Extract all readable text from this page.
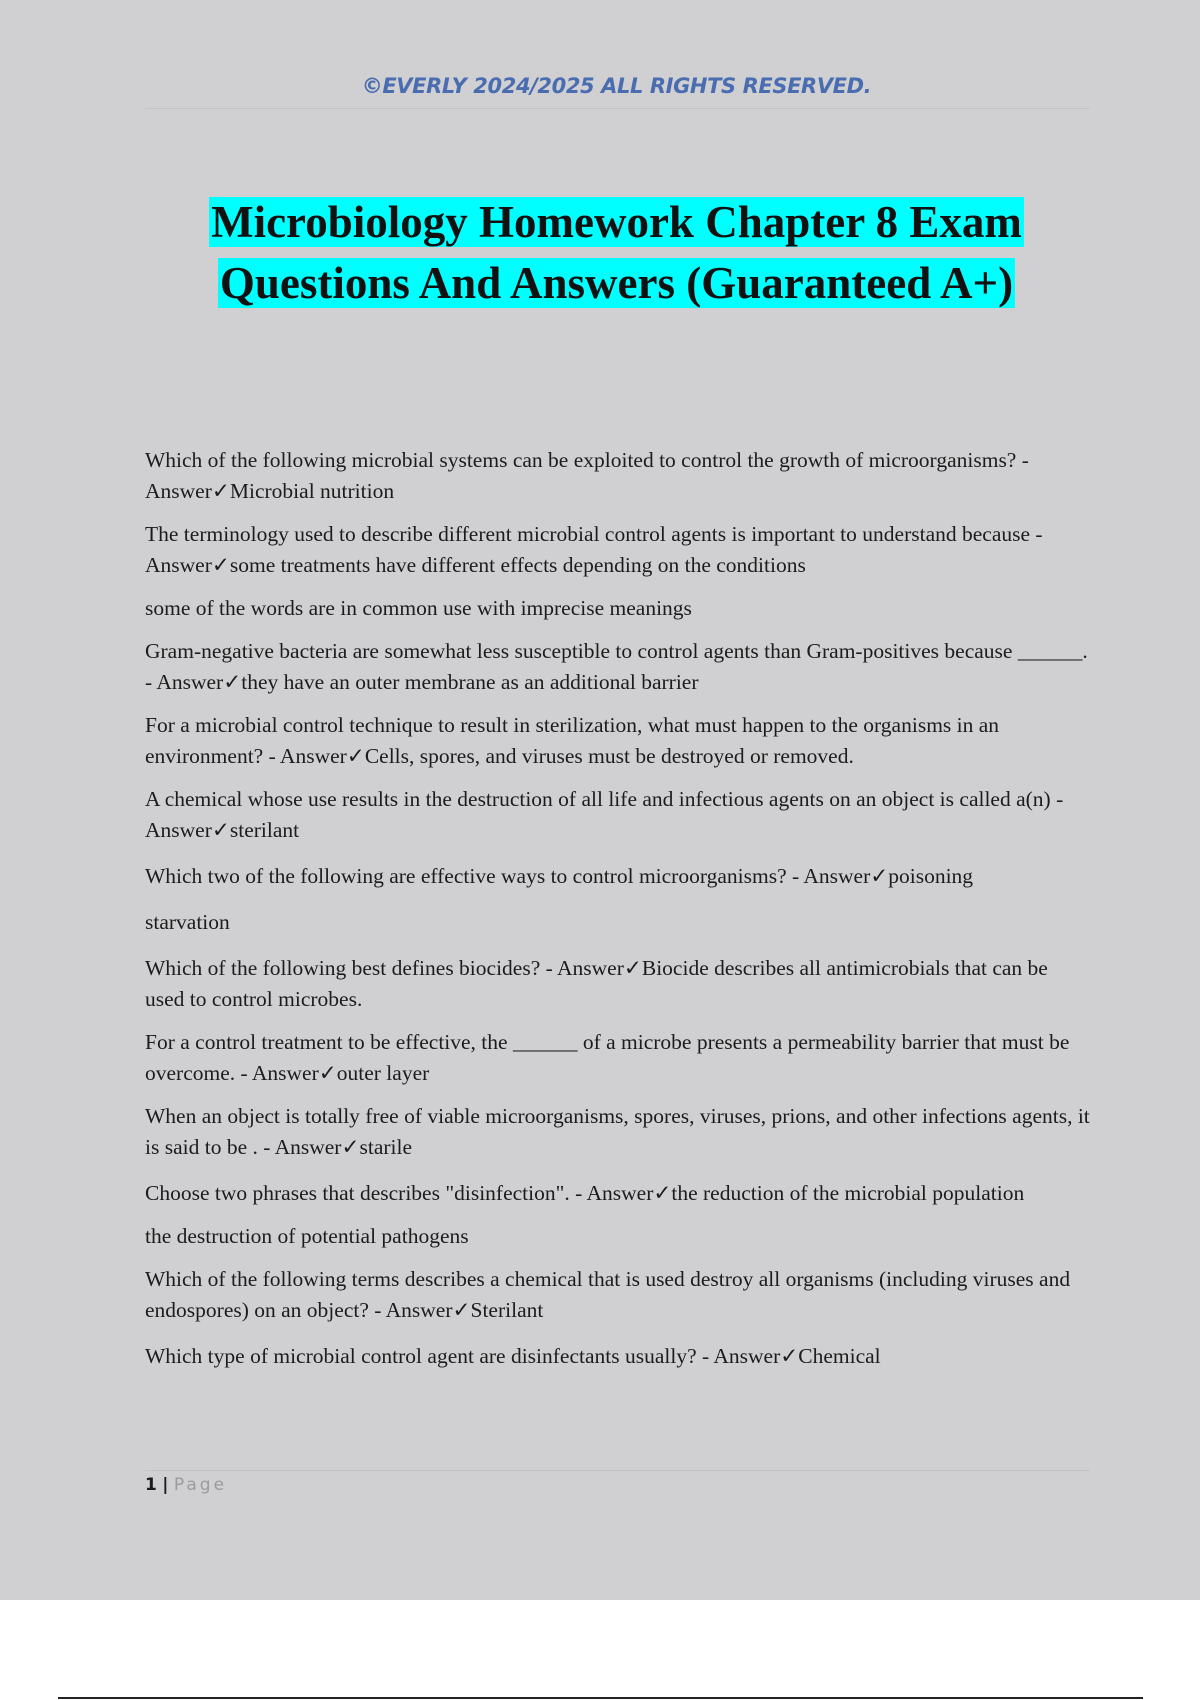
©EVERLY 2024/2025 ALL RIGHTS RESERVED.
Microbiology Homework Chapter 8 Exam
Questions And Answers (Guaranteed A+)

Which of the following microbial systems can be exploited to control the growth of microorganisms? - Answer✓Microbial nutrition

The terminology used to describe different microbial control agents is important to understand because - Answer✓some treatments have different effects depending on the conditions

some of the words are in common use with imprecise meanings

Gram-negative bacteria are somewhat less susceptible to control agents than Gram-positives because ______. - Answer✓they have an outer membrane as an additional barrier

For a microbial control technique to result in sterilization, what must happen to the organisms in an environment? - Answer✓Cells, spores, and viruses must be destroyed or removed.

A chemical whose use results in the destruction of all life and infectious agents on an object is called a(n) - Answer✓sterilant

Which two of the following are effective ways to control microorganisms? - Answer✓poisoning

starvation

Which of the following best defines biocides? - Answer✓Biocide describes all antimicrobials that can be used to control microbes.

For a control treatment to be effective, the ______ of a microbe presents a permeability barrier that must be overcome. - Answer✓outer layer

When an object is totally free of viable microorganisms, spores, viruses, prions, and other infections agents, it is said to be . - Answer✓starile

Choose two phrases that describes "disinfection". - Answer✓the reduction of the microbial population

the destruction of potential pathogens

Which of the following terms describes a chemical that is used destroy all organisms (including viruses and endospores) on an object? - Answer✓Sterilant

Which type of microbial control agent are disinfectants usually? - Answer✓Chemical

1 | Page
